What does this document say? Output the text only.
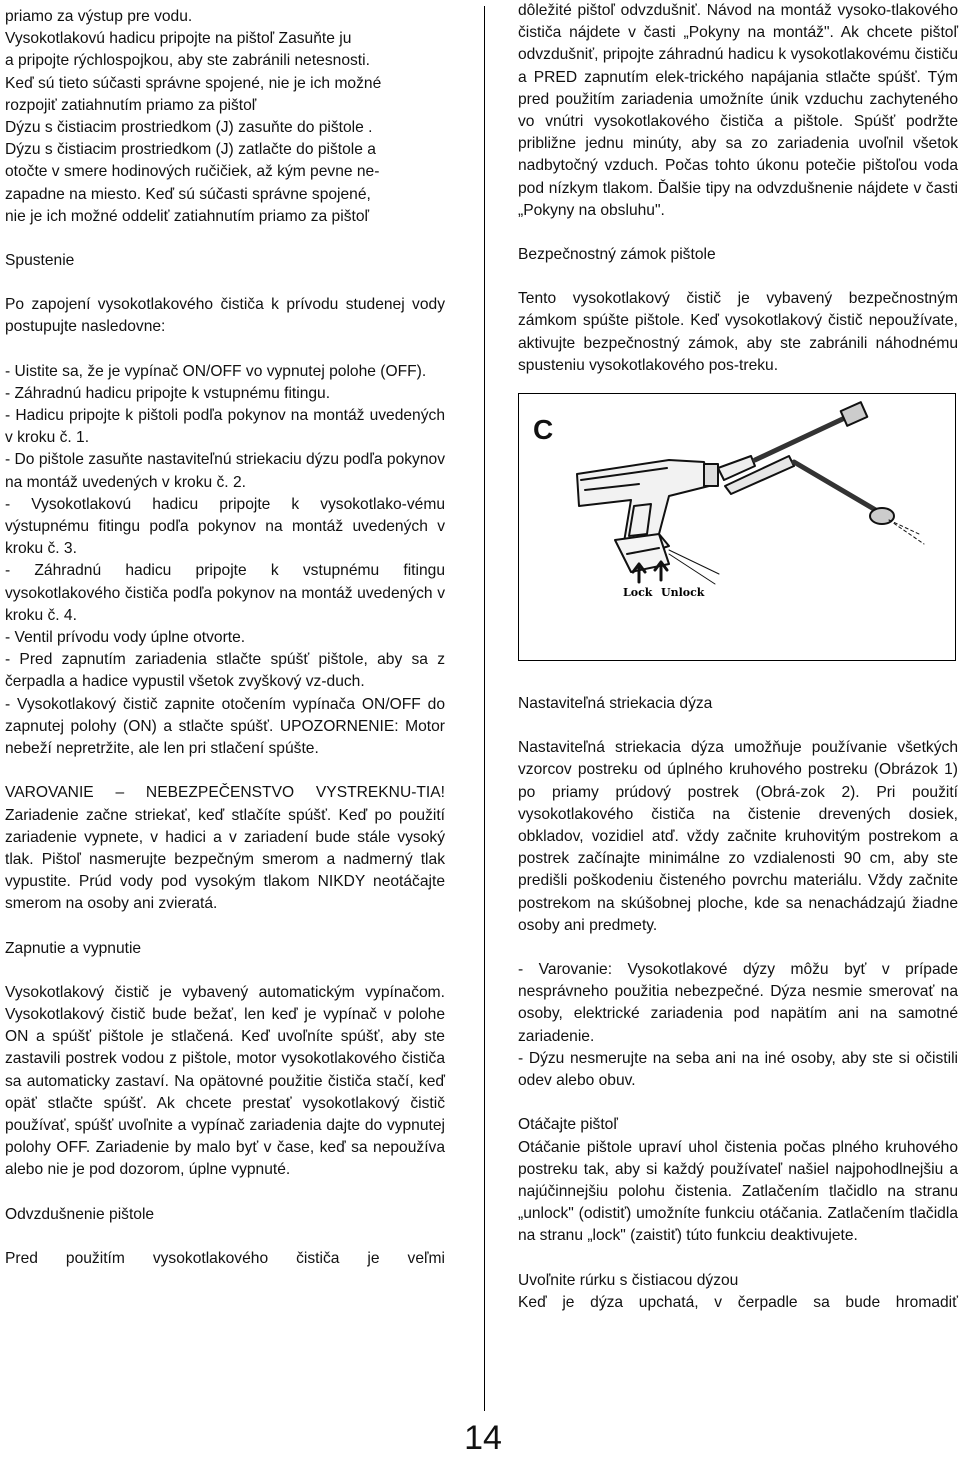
priamo za výstup pre vodu.

Vysokotlakovú hadicu pripojte na pištoľ Zasuňte ju

a pripojte rýchlospojkou, aby ste zabránili netesnosti.

Keď sú tieto súčasti správne spojené, nie je ich možné

rozpojiť zatiahnutím priamo za pištoľ

Dýzu s čistiacim prostriedkom (J) zasuňte do pištole .

Dýzu s čistiacim prostriedkom (J) zatlačte do pištole a

otočte v smere hodinových ručičiek, až kým pevne ne-

zapadne na miesto. Keď sú súčasti správne spojené,

nie je ich možné oddeliť zatiahnutím priamo za pištoľ

Spustenie

Po zapojení vysokotlakového čističa k prívodu studenej vody postupujte nasledovne:

- Uistite sa, že je vypínač ON/OFF vo vypnutej polohe (OFF).

- Záhradnú hadicu pripojte k vstupnému fitingu.

- Hadicu pripojte k pištoli podľa pokynov na montáž uvedených v kroku č. 1.

- Do pištole zasuňte nastaviteľnú striekaciu dýzu podľa pokynov na montáž uvedených v kroku č. 2.

- Vysokotlakovú hadicu pripojte k vysokotlako-vému výstupnému fitingu podľa pokynov na montáž uvedených v kroku č. 3.

- Záhradnú hadicu pripojte k vstupnému fitingu vysokotlakového čističa podľa pokynov na montáž uvedených v kroku č. 4.

- Ventil prívodu vody úplne otvorte.

- Pred zapnutím zariadenia stlačte spúšť pištole, aby sa z čerpadla a hadice vypustil všetok zvyškový vz-duch.

- Vysokotlakový čistič zapnite otočením vypínača ON/OFF do zapnutej polohy (ON) a stlačte spúšť. UPOZORNENIE: Motor nebeží nepretržite, ale len pri stlačení spúšte.

VAROVANIE – NEBEZPEČENSTVO VYSTREKNU-TIA! Zariadenie začne striekať, keď stlačíte spúšť. Keď po použití zariadenie vypnete, v hadici a v zariadení bude stále vysoký tlak. Pištoľ nasmerujte bezpečným smerom a nadmerný tlak vypustite. Prúd vody pod vysokým tlakom NIKDY neotáčajte smerom na osoby ani zvieratá.

Zapnutie a vypnutie

Vysokotlakový čistič je vybavený automatickým vypínačom. Vysokotlakový čistič bude bežať, len keď je vypínač v polohe ON a spúšť pištole je stlačená. Keď uvoľníte spúšť, aby ste zastavili postrek vodou z pištole, motor vysokotlakového čističa sa automaticky zastaví. Na opätovné použitie čističa stačí, keď opäť stlačte spúšť. Ak chcete prestať vysokotlakový čistič používať, spúšť uvoľnite a vypínač zariadenia dajte do vypnutej polohy OFF. Zariadenie by malo byť v čase, keď sa nepoužíva alebo nie je pod dozorom, úplne vypnuté.

Odvzdušnenie pištole

Pred použitím vysokotlakového čističa je veľmi

dôležité pištoľ odvzdušniť. Návod na montáž vysoko-tlakového čističa nájdete v časti „Pokyny na montáž". Ak chcete pištoľ odvzdušniť, pripojte záhradnú hadicu k vysokotlakovému čističu a PRED zapnutím elek-trického napájania stlačte spúšť. Tým pred použitím zariadenia umožníte únik vzduchu zachyteného vo vnútri vysokotlakového čističa a pištole. Spúšť podržte približne jednu minúty, aby sa zo zariadenia uvoľnil všetok nadbytočný vzduch. Počas tohto úkonu potečie pištoľou voda pod nízkym tlakom. Ďalšie tipy na odvzdušnenie nájdete v časti „Pokyny na obsluhu".

Bezpečnostný zámok pištole

Tento vysokotlakový čistič je vybavený bezpečnostným zámkom spúšte pištole. Keď vysokotlakový čistič nepoužívate, aktivujte bezpečnostný zámok, aby ste zabránili náhodnému spusteniu vysokotlakového pos-treku.

C
Lock Unlock

Nastaviteľná striekacia dýza

Nastaviteľná striekacia dýza umožňuje používanie všetkých vzorcov postreku od úplného kruhového postreku (Obrázok 1) po priamy prúdový postrek (Obrá-zok 2). Pri použití vysokotlakového čističa na čistenie drevených dosiek, obkladov, vozidiel atď. vždy začnite kruhovitým postrekom a postrek začínajte minimálne zo vzdialenosti 90 cm, aby ste predišli poškodeniu čisteného povrchu materiálu. Vždy začnite postrekom na skúšobnej ploche, kde sa nenachádzajú žiadne osoby ani predmety.

- Varovanie: Vysokotlakové dýzy môžu byť v prípade nesprávneho použitia nebezpečné. Dýza nesmie smerovať na osoby, elektrické zariadenia pod napätím ani na samotné zariadenie.

- Dýzu nesmerujte na seba ani na iné osoby, aby ste si očistili odev alebo obuv.

Otáčajte pištoľ

Otáčanie pištole upraví uhol čistenia počas plného kruhového postreku tak, aby si každý používateľ našiel najpohodlnejšiu a najúčinnejšiu polohu čistenia. Zatlačením tlačidlo na stranu „unlock" (odistiť) umožníte funkciu otáčania. Zatlačením tlačidla na stranu „lock" (zaistiť) túto funkciu deaktivujete.

Uvoľnite rúrku s čistiacou dýzou

Keď je dýza upchatá, v čerpadle sa bude hromadiť

14
